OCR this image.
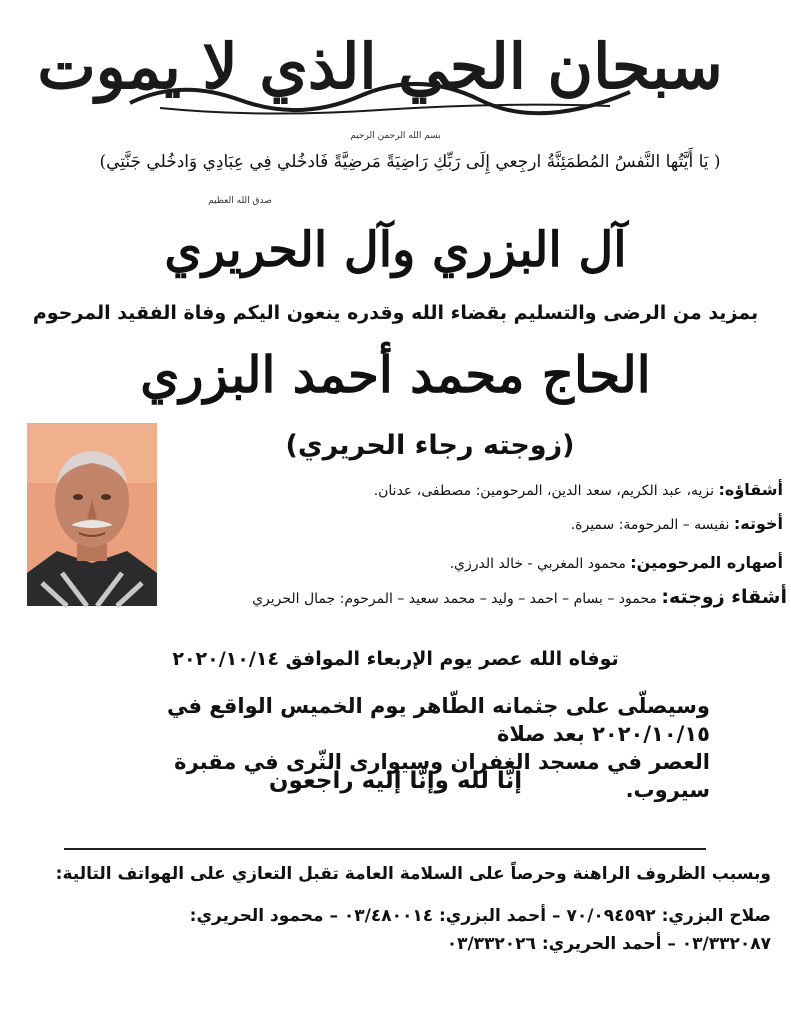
سبحان الحي الذي لا يموت
بسم الله الرحمن الرحيم
( يَا أَيَّتُها النَّفسُ المُطمَئِنَّةُ ارجِعي إِلَى رَبِّكِ رَاضِيَةً مَرضِيَّةً فَادخُلي فِي عِبَادِي وَادخُلي جَنَّتِي)
صدق الله العظيم
آل البزري وآل الحريري
بمزيد من الرضى والتسليم بقضاء الله وقدره ينعون اليكم وفاة الفقيد المرحوم
الحاج محمد أحمد البزري
(زوجته رجاء الحريري)
أشقاؤه: نزيه، عبد الكريم، سعد الدين، المرحومين: مصطفى، عدنان.
أخوته: نفيسه – المرحومة: سميرة.
أصهاره المرحومين: محمود المغربي - خالد الدرزي.
أشقاء زوجته: محمود – بسام – احمد – وليد – محمد سعيد – المرحوم: جمال الحريري
توفاه الله عصر يوم الإربعاء الموافق ٢٠٢٠/١٠/١٤
وسيصلّى على جثمانه الطّاهر يوم الخميس الواقع في ٢٠٢٠/١٠/١٥ بعد صلاة
العصر في مسجد الغفران وسيوارى الثّرى في مقبرة سيروب.
إنّا لله وإنّا إليه راجعون
وبسبب الظروف الراهنة وحرصاً على السلامة العامة تقبل التعازي على الهواتف التالية:
صلاح البزري: ٧٠/٠٩٤٥٩٢ – أحمد البزري: ٠٣/٤٨٠٠١٤ – محمود الحريري:
٠٣/٣٣٢٠٨٧ – أحمد الحريري: ٠٣/٣٣٢٠٢٦
